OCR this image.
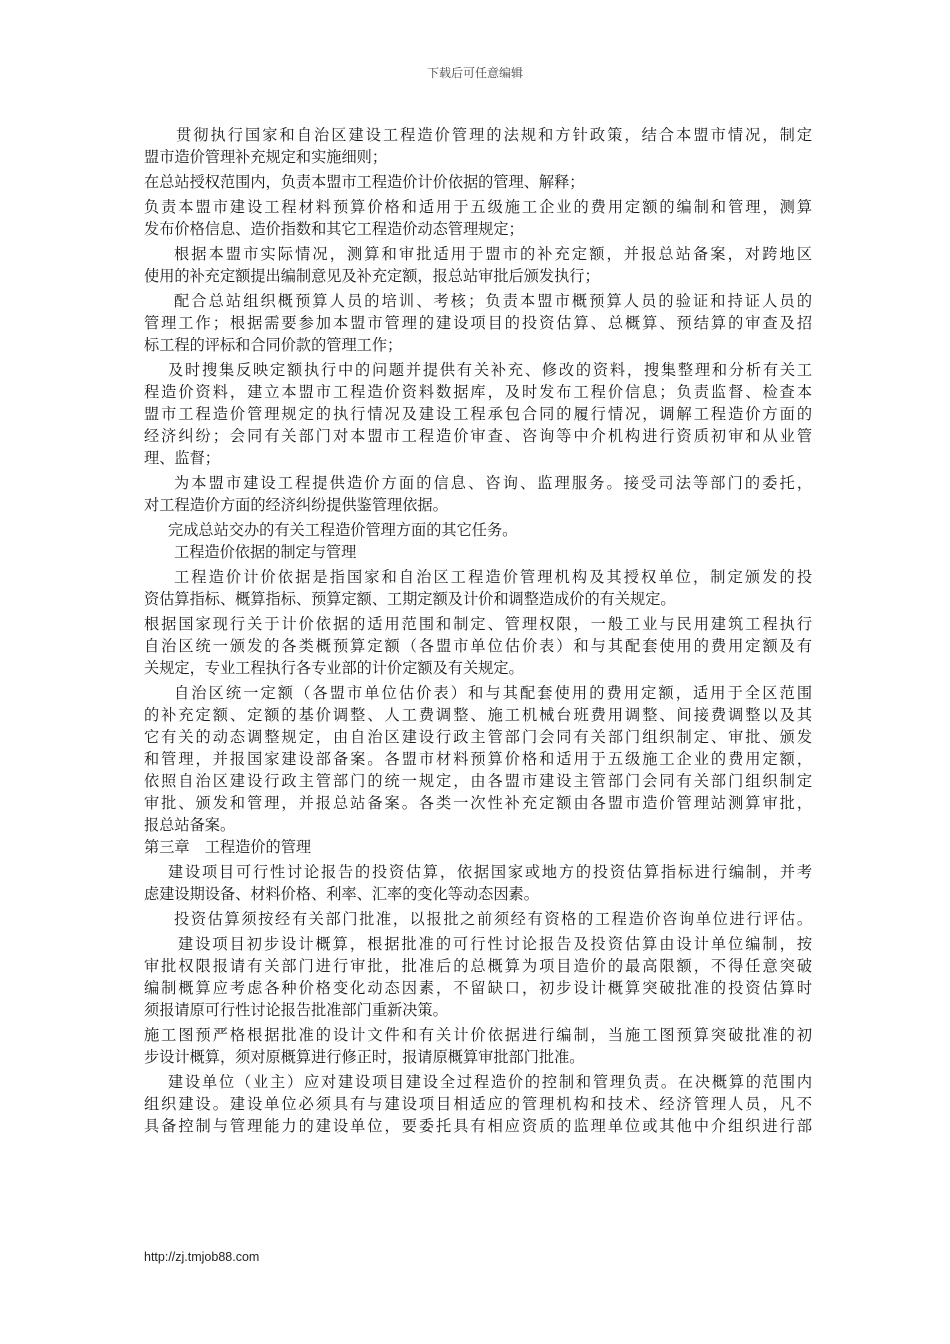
下载后可任意编辑
贯彻执行国家和自治区建设工程造价管理的法规和方针政策，结合本盟市情况，制定
盟市造价管理补充规定和实施细则；
在总站授权范围内，负责本盟市工程造价计价依据的管理、解释；
负责本盟市建设工程材料预算价格和适用于五级施工企业的费用定额的编制和管理，测算
发布价格信息、造价指数和其它工程造价动态管理规定；
根据本盟市实际情况，测算和审批适用于盟市的补充定额，并报总站备案，对跨地区
使用的补充定额提出编制意见及补充定额，报总站审批后颁发执行；
配合总站组织概预算人员的培训、考核；负责本盟市概预算人员的验证和持证人员的
管理工作；根据需要参加本盟市管理的建设项目的投资估算、总概算、预结算的审查及招
标工程的评标和合同价款的管理工作；
及时搜集反映定额执行中的问题并提供有关补充、修改的资料，搜集整理和分析有关工
程造价资料，建立本盟市工程造价资料数据库，及时发布工程价信息；负责监督、检查本
盟市工程造价管理规定的执行情况及建设工程承包合同的履行情况，调解工程造价方面的
经济纠纷；会同有关部门对本盟市工程造价审查、咨询等中介机构进行资质初审和从业管
理、监督；
为本盟市建设工程提供造价方面的信息、咨询、监理服务。接受司法等部门的委托，
对工程造价方面的经济纠纷提供鉴管理依据。
完成总站交办的有关工程造价管理方面的其它任务。
工程造价依据的制定与管理
工程造价计价依据是指国家和自治区工程造价管理机构及其授权单位，制定颁发的投
资估算指标、概算指标、预算定额、工期定额及计价和调整造成价的有关规定。
根据国家现行关于计价依据的适用范围和制定、管理权限，一般工业与民用建筑工程执行
自治区统一颁发的各类概预算定额（各盟市单位估价表）和与其配套使用的费用定额及有
关规定，专业工程执行各专业部的计价定额及有关规定。
自治区统一定额（各盟市单位估价表）和与其配套使用的费用定额，适用于全区范围
的补充定额、定额的基价调整、人工费调整、施工机械台班费用调整、间接费调整以及其
它有关的动态调整规定，由自治区建设行政主管部门会同有关部门组织制定、审批、颁发
和管理，并报国家建设部备案。各盟市材料预算价格和适用于五级施工企业的费用定额，
依照自治区建设行政主管部门的统一规定，由各盟市建设主管部门会同有关部门组织制定
审批、颁发和管理，并报总站备案。各类一次性补充定额由各盟市造价管理站测算审批，
报总站备案。
第三章　工程造价的管理
建设项目可行性讨论报告的投资估算，依据国家或地方的投资估算指标进行编制，并考
虑建设期设备、材料价格、利率、汇率的变化等动态因素。
投资估算须按经有关部门批准，以报批之前须经有资格的工程造价咨询单位进行评估。
建设项目初步设计概算，根据批准的可行性讨论报告及投资估算由设计单位编制，按
审批权限报请有关部门进行审批，批准后的总概算为项目造价的最高限额，不得任意突破
编制概算应考虑各种价格变化动态因素，不留缺口，初步设计概算突破批准的投资估算时
须报请原可行性讨论报告批准部门重新决策。
施工图预严格根据批准的设计文件和有关计价依据进行编制，当施工图预算突破批准的初
步设计概算，须对原概算进行修正时，报请原概算审批部门批准。
建设单位（业主）应对建设项目建设全过程造价的控制和管理负责。在决概算的范围内
组织建设。建设单位必须具有与建设项目相适应的管理机构和技术、经济管理人员，凡不
具备控制与管理能力的建设单位，要委托具有相应资质的监理单位或其他中介组织进行部
http://zj.tmjob88.com
